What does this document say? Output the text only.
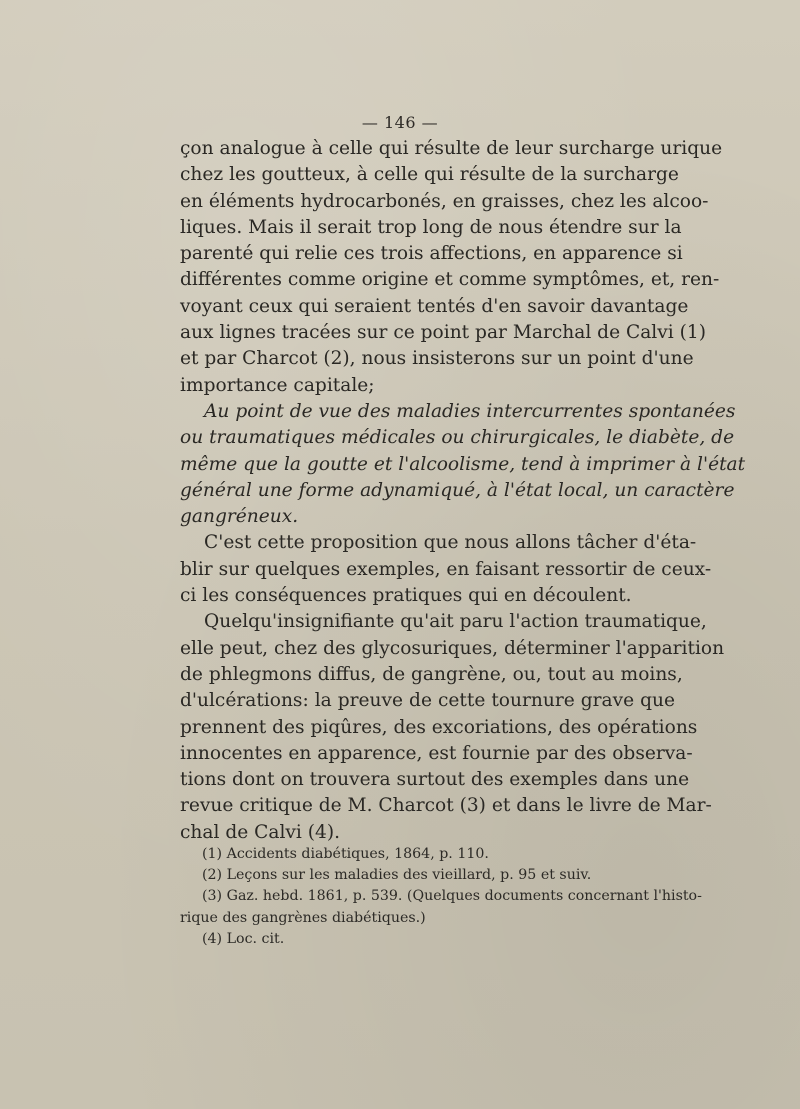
— 146 —
çon analogue à celle qui résulte de leur surcharge urique
chez les goutteux, à celle qui résulte de la surcharge
en éléments hydrocarbonés, en graisses, chez les alcoo-
liques. Mais il serait trop long de nous étendre sur la
parenté qui relie ces trois affections, en apparence si
différentes comme origine et comme symptômes, et, ren-
voyant ceux qui seraient tentés d'en savoir davantage
aux lignes tracées sur ce point par Marchal de Calvi (1)
et par Charcot (2), nous insisterons sur un point d'une
importance capitale;
Au point de vue des maladies intercurrentes spontanées
ou traumatiques médicales ou chirurgicales, le diabète, de
même que la goutte et l'alcoolisme, tend à imprimer à l'état
général une forme adynamiqué, à l'état local, un caractère
gangréneux.
C'est cette proposition que nous allons tâcher d'éta-
blir sur quelques exemples, en faisant ressortir de ceux-
ci les conséquences pratiques qui en découlent.
Quelqu'insignifiante qu'ait paru l'action traumatique,
elle peut, chez des glycosuriques, déterminer l'apparition
de phlegmons diffus, de gangrène, ou, tout au moins,
d'ulcérations: la preuve de cette tournure grave que
prennent des piqûres, des excoriations, des opérations
innocentes en apparence, est fournie par des observa-
tions dont on trouvera surtout des exemples dans une
revue critique de M. Charcot (3) et dans le livre de Mar-
chal de Calvi (4).
(1) Accidents diabétiques, 1864, p. 110.
(2) Leçons sur les maladies des vieillard, p. 95 et suiv.
(3) Gaz. hebd. 1861, p. 539. (Quelques documents concernant l'histo-
rique des gangrènes diabétiques.)
(4) Loc. cit.
